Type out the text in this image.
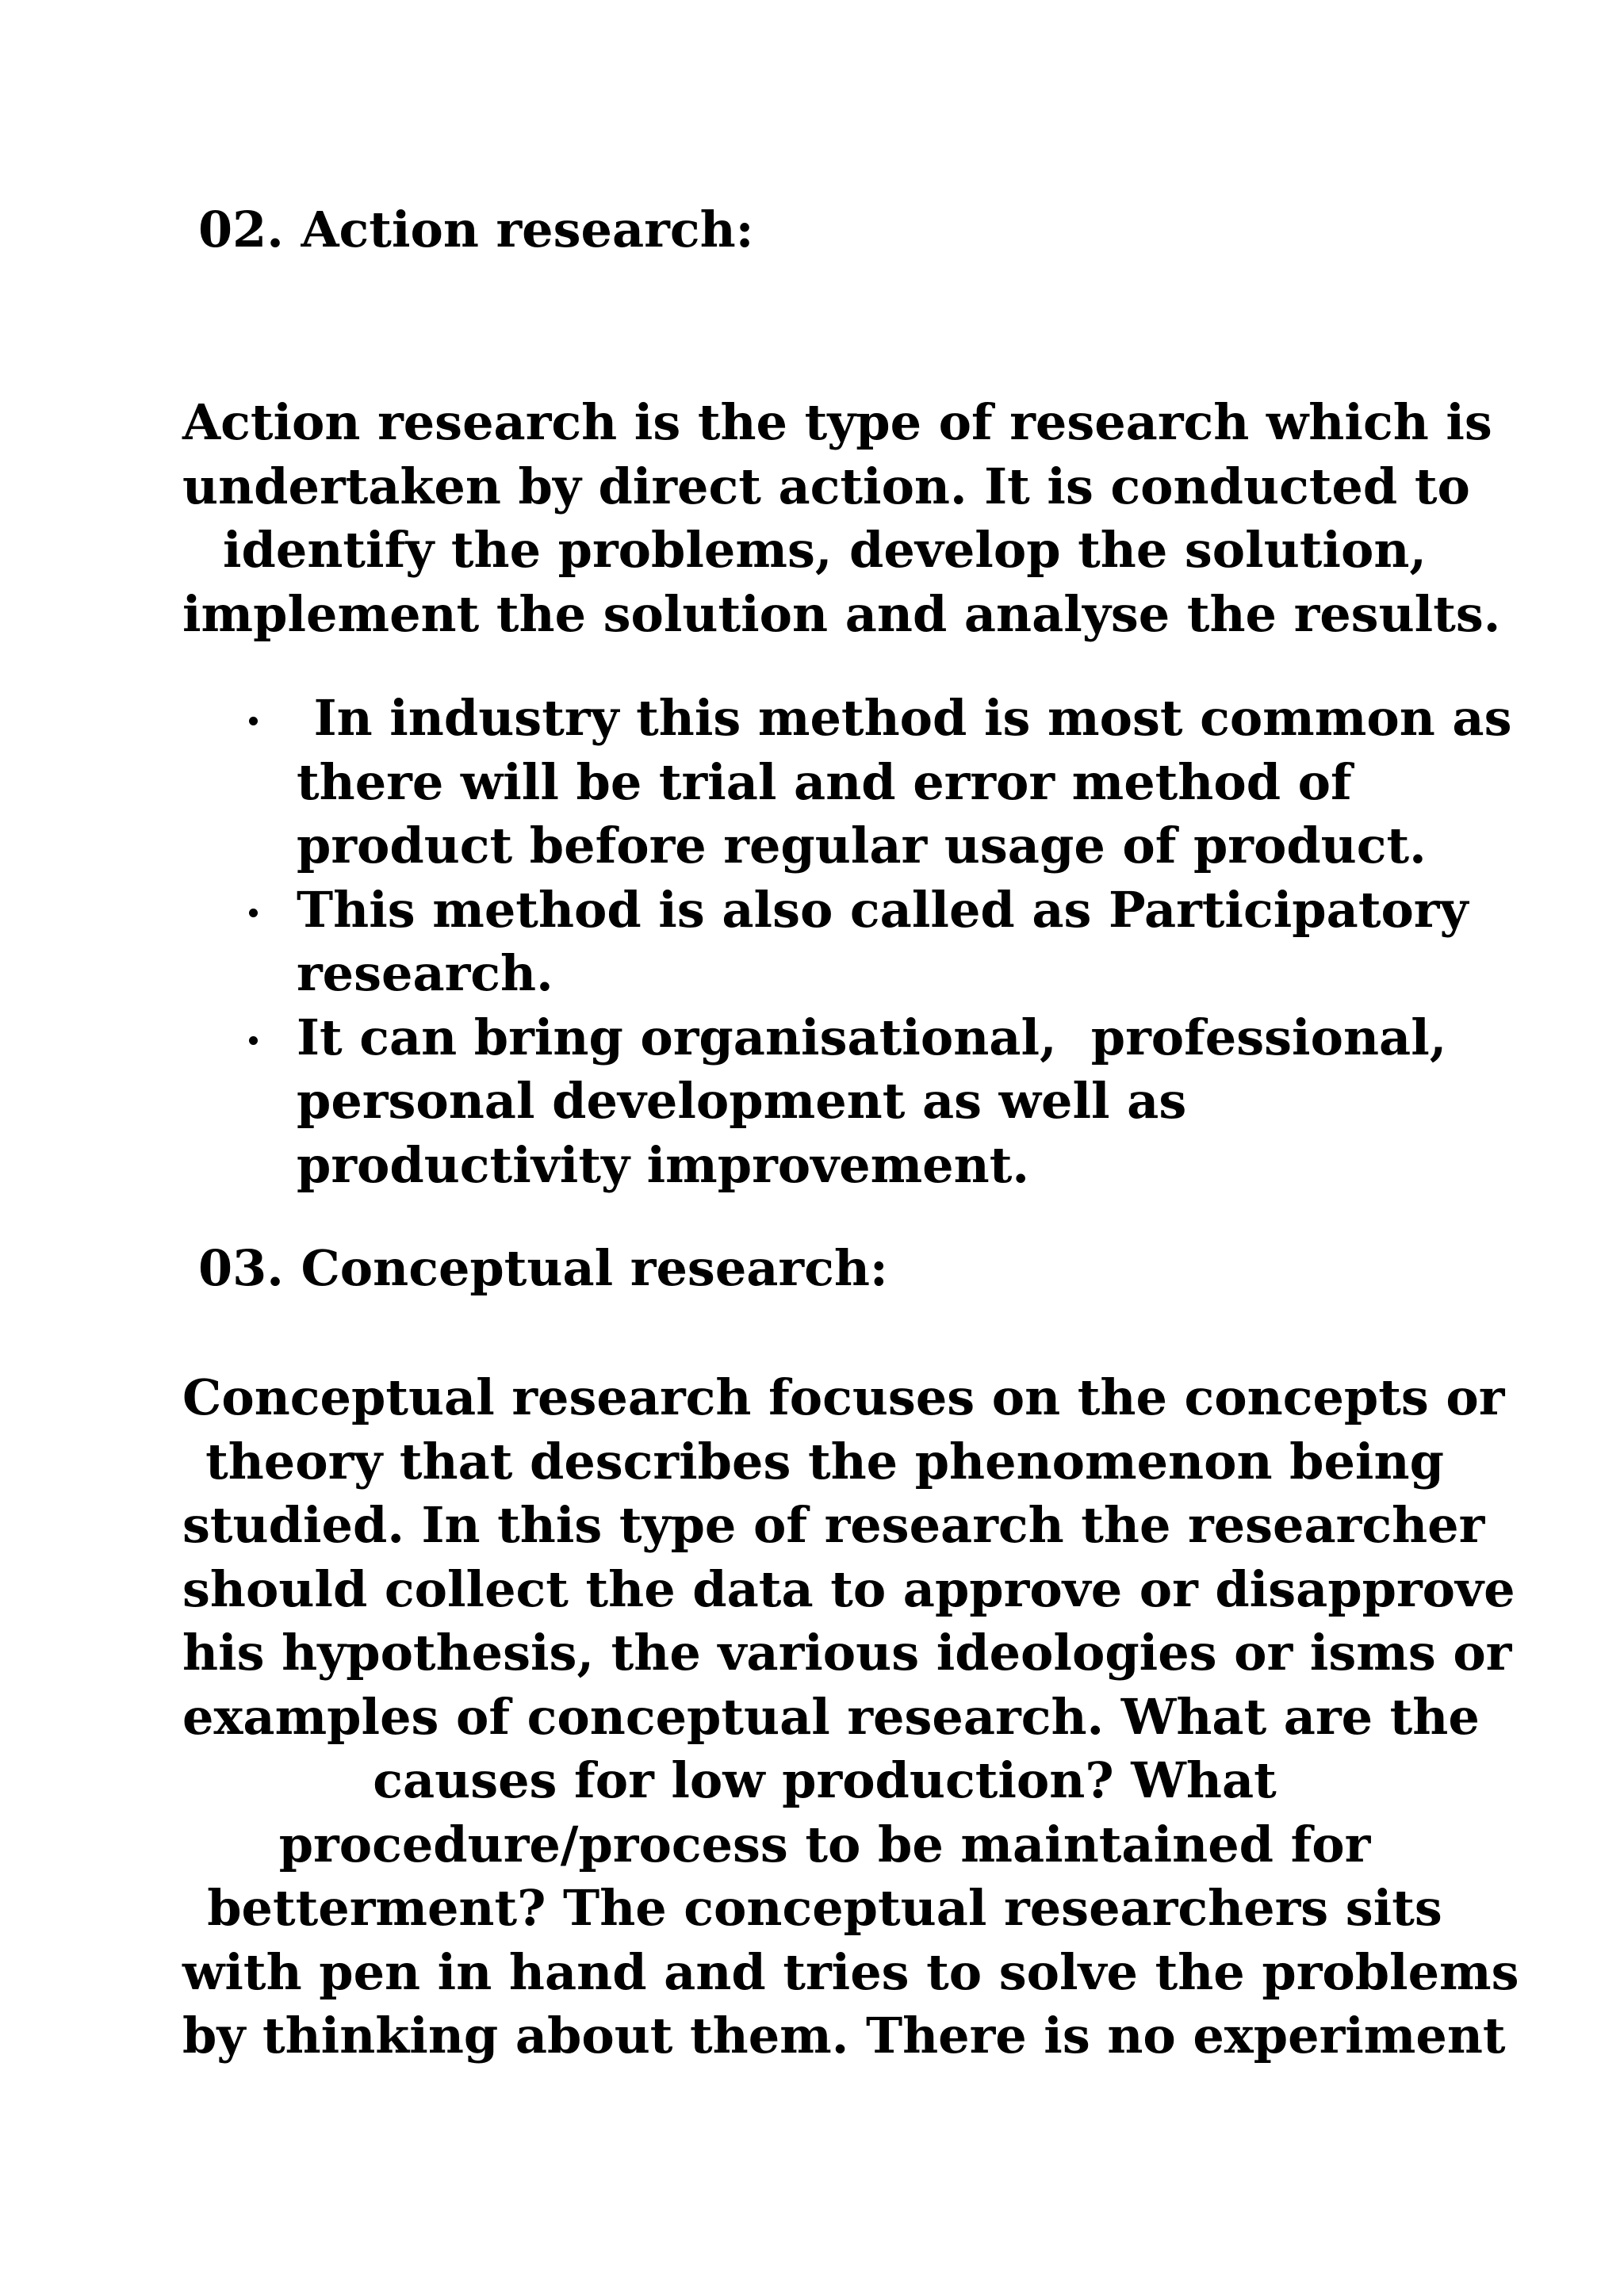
02. Action research:

Action research is the type of research which is
undertaken by direct action. It is conducted to
identify the problems, develop the solution,
implement the solution and analyse the results.

In industry this method is most common as
there will be trial and error method of
product before regular usage of product.
This method is also called as Participatory
research.
It can bring organisational,  professional,
personal development as well as
productivity improvement.
03. Conceptual research:

Conceptual research focuses on the concepts or
theory that describes the phenomenon being
studied. In this type of research the researcher
should collect the data to approve or disapprove
his hypothesis, the various ideologies or isms or
examples of conceptual research. What are the
causes for low production? What
procedure/process to be maintained for
betterment? The conceptual researchers sits
with pen in hand and tries to solve the problems
by thinking about them. There is no experiment
